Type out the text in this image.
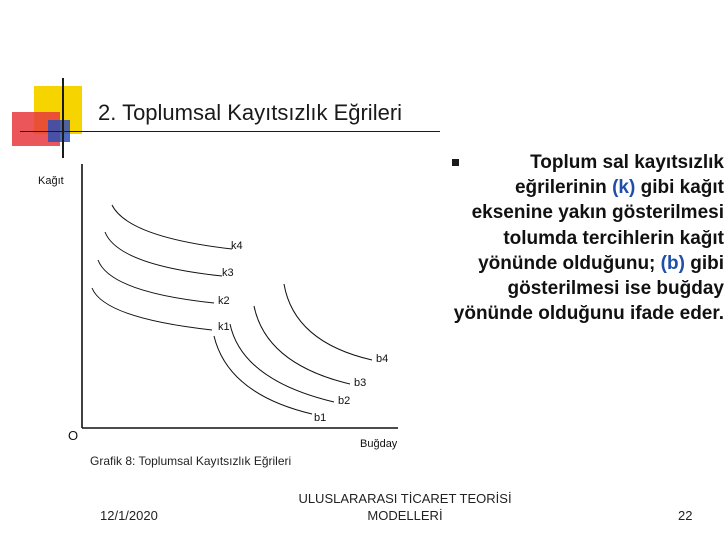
2. Toplumsal Kayıtsızlık Eğrileri
Kağıt
Buğday
O
k4
k3
k2
k1
b4
b3
b2
b1
Toplum sal kayıtsızlık eğrilerinin (k) gibi kağıt eksenine yakın gösterilmesi tolumda tercihlerin kağıt yönünde olduğunu; (b) gibi gösterilmesi ise buğday yönünde olduğunu ifade eder.
Grafik 8: Toplumsal Kayıtsızlık Eğrileri
12/1/2020
ULUSLARARASI TİCARET TEORİSİ
MODELLERİ	22
